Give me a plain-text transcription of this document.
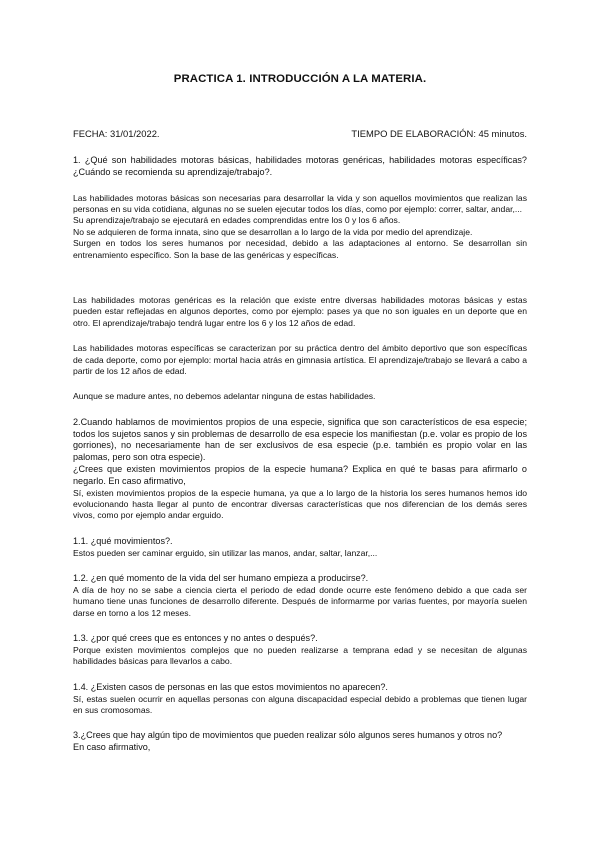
PRACTICA 1. INTRODUCCIÓN A LA MATERIA.
FECHA: 31/01/2022.	TIEMPO DE ELABORACIÓN: 45 minutos.

1. ¿Qué son habilidades motoras básicas, habilidades motoras genéricas, habilidades motoras específicas? ¿Cuándo se recomienda su aprendizaje/trabajo?.

Las habilidades motoras básicas son necesarias para desarrollar la vida y son aquellos movimientos que realizan las personas en su vida cotidiana, algunas no se suelen ejecutar todos los días, como por ejemplo: correr, saltar, andar,...

Su aprendizaje/trabajo se ejecutará en edades comprendidas entre los 0 y los 6 años.

No se adquieren de forma innata, sino que se desarrollan a lo largo de la vida por medio del aprendizaje.

Surgen en todos los seres humanos por necesidad, debido a las adaptaciones al entorno. Se desarrollan sin entrenamiento específico. Son la base de las genéricas y específicas.

Las habilidades motoras genéricas es la relación que existe entre diversas habilidades motoras básicas y estas pueden estar reflejadas en algunos deportes, como por ejemplo: pases ya que no son iguales en un deporte que en otro. El aprendizaje/trabajo tendrá lugar entre los 6 y los 12 años de edad.

Las habilidades motoras específicas se caracterizan por su práctica dentro del ámbito deportivo que son específicas de cada deporte, como por ejemplo: mortal hacia atrás en gimnasia artística. El aprendizaje/trabajo se llevará a cabo a partir de los 12 años de edad.

Aunque se madure antes, no debemos adelantar ninguna de estas habilidades.

2.Cuando hablamos de movimientos propios de una especie, significa que son característicos de esa especie; todos los sujetos sanos y sin problemas de desarrollo de esa especie los manifiestan (p.e. volar es propio de los gorriones), no necesariamente han de ser exclusivos de esa especie (p.e. también es propio volar en las palomas, pero son otra especie).

¿Crees que existen movimientos propios de la especie humana? Explica en qué te basas para afirmarlo o negarlo. En caso afirmativo,

Sí, existen movimientos propios de la especie humana, ya que a lo largo de la historia los seres humanos hemos ido evolucionando hasta llegar al punto de encontrar diversas características que nos diferencian de los demás seres vivos, como por ejemplo andar erguido.

1.1. ¿qué movimientos?.

Estos pueden ser caminar erguido, sin utilizar las manos, andar, saltar, lanzar,...

1.2. ¿en qué momento de la vida del ser humano empieza a producirse?.

A día de hoy no se sabe a ciencia cierta el periodo de edad donde ocurre este fenómeno debido a que cada ser humano tiene unas funciones de desarrollo diferente. Después de informarme por varias fuentes, por mayoría suelen darse en torno a los 12 meses.

1.3. ¿por qué crees que es entonces y no antes o después?.

Porque existen movimientos complejos que no pueden realizarse a temprana edad y se necesitan de algunas habilidades básicas para llevarlos a cabo.

1.4. ¿Existen casos de personas en las que estos movimientos no aparecen?.

Sí, estas suelen ocurrir en aquellas personas con alguna discapacidad especial debido a problemas que tienen lugar en sus cromosomas.

3.¿Crees que hay algún tipo de movimientos que pueden realizar sólo algunos seres humanos y otros no?

En caso afirmativo,
